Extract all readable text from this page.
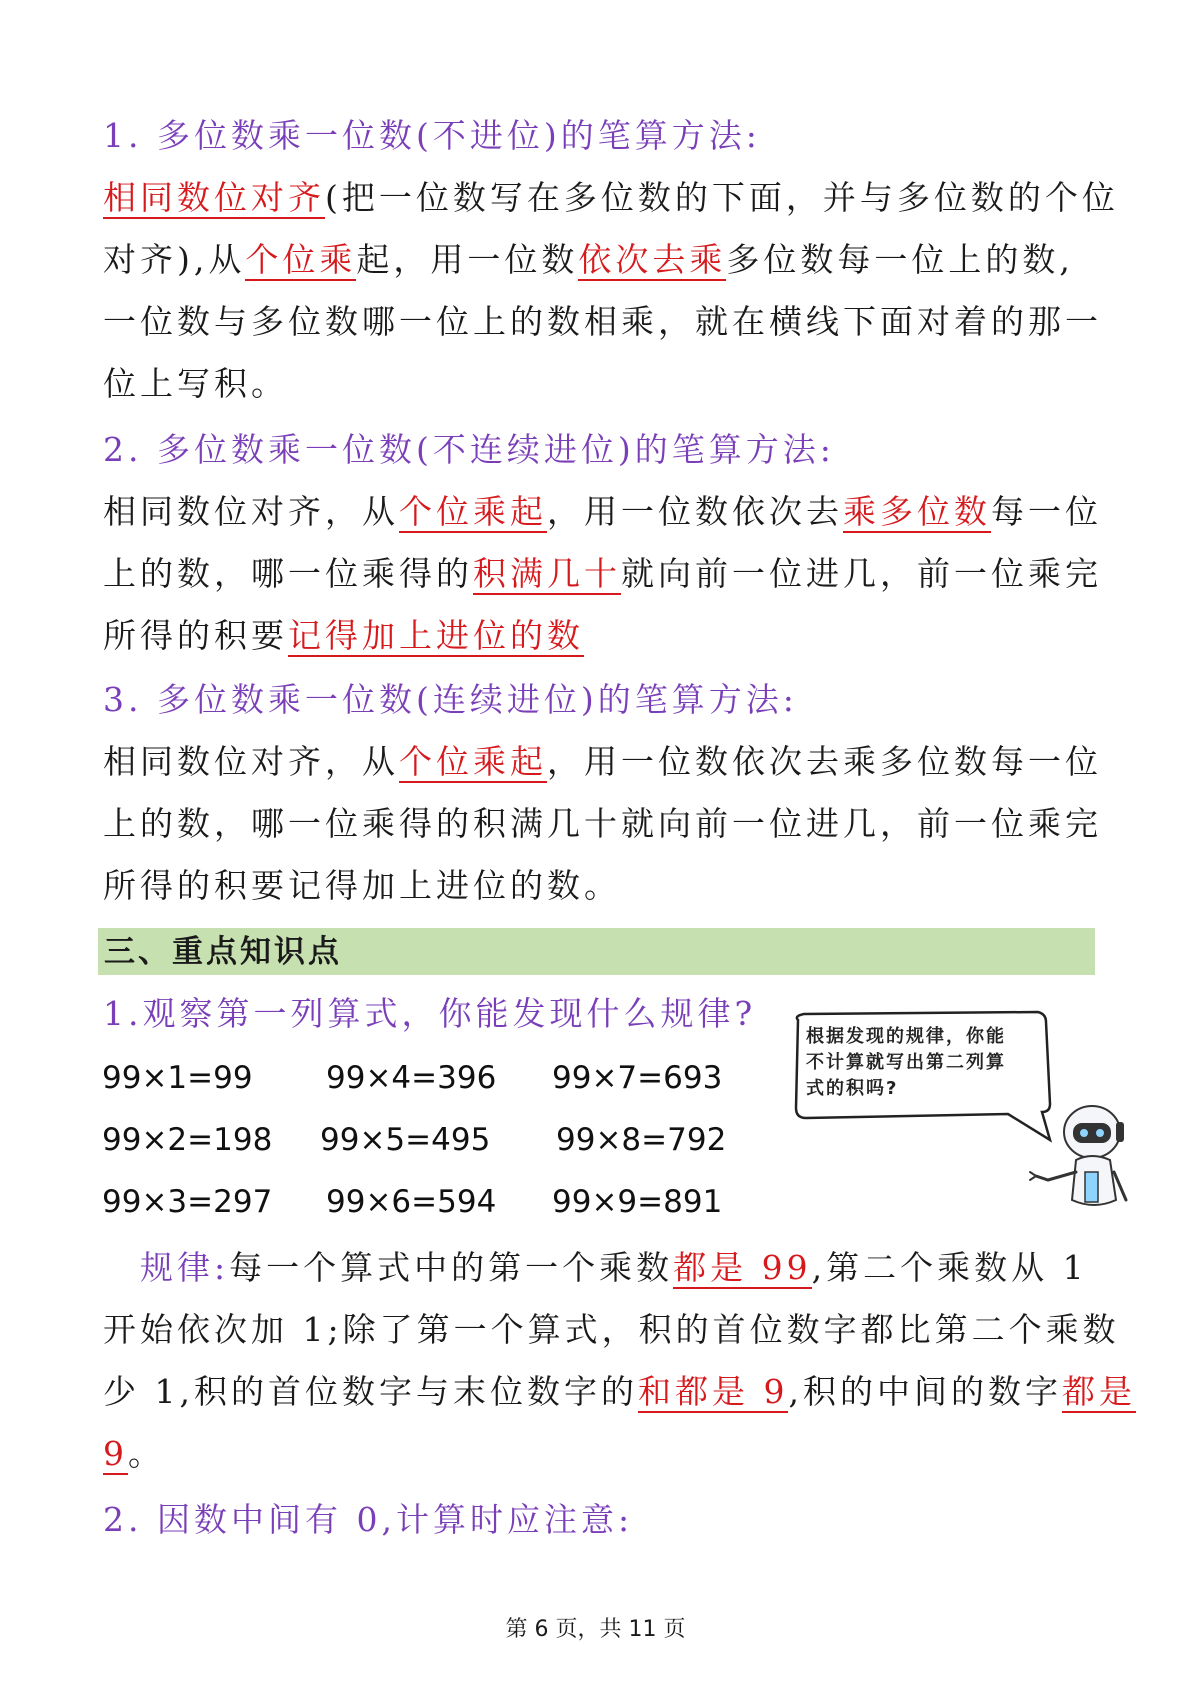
1. 多位数乘一位数(不进位)的笔算方法:
相同数位对齐(把一位数写在多位数的下面，并与多位数的个位
对齐),从个位乘起，用一位数依次去乘多位数每一位上的数,
一位数与多位数哪一位上的数相乘，就在横线下面对着的那一
位上写积。
2. 多位数乘一位数(不连续进位)的笔算方法:
相同数位对齐，从个位乘起，用一位数依次去乘多位数每一位
上的数，哪一位乘得的积满几十就向前一位进几，前一位乘完
所得的积要记得加上进位的数
3. 多位数乘一位数(连续进位)的笔算方法:
相同数位对齐，从个位乘起，用一位数依次去乘多位数每一位
上的数，哪一位乘得的积满几十就向前一位进几，前一位乘完
所得的积要记得加上进位的数。
三、重点知识点
1.观察第一列算式，你能发现什么规律?
99×1=99 99×4=396 99×7=693
99×2=198 99×5=495 99×8=792
99×3=297 99×6=594 99×9=891
根据发现的规律，你能
不计算就写出第二列算
式的积吗?
规律:每一个算式中的第一个乘数都是 99,第二个乘数从 1
开始依次加 1;除了第一个算式，积的首位数字都比第二个乘数
少 1,积的首位数字与末位数字的和都是 9,积的中间的数字都是
9。
2. 因数中间有 0,计算时应注意:
第 6 页，共 11 页
